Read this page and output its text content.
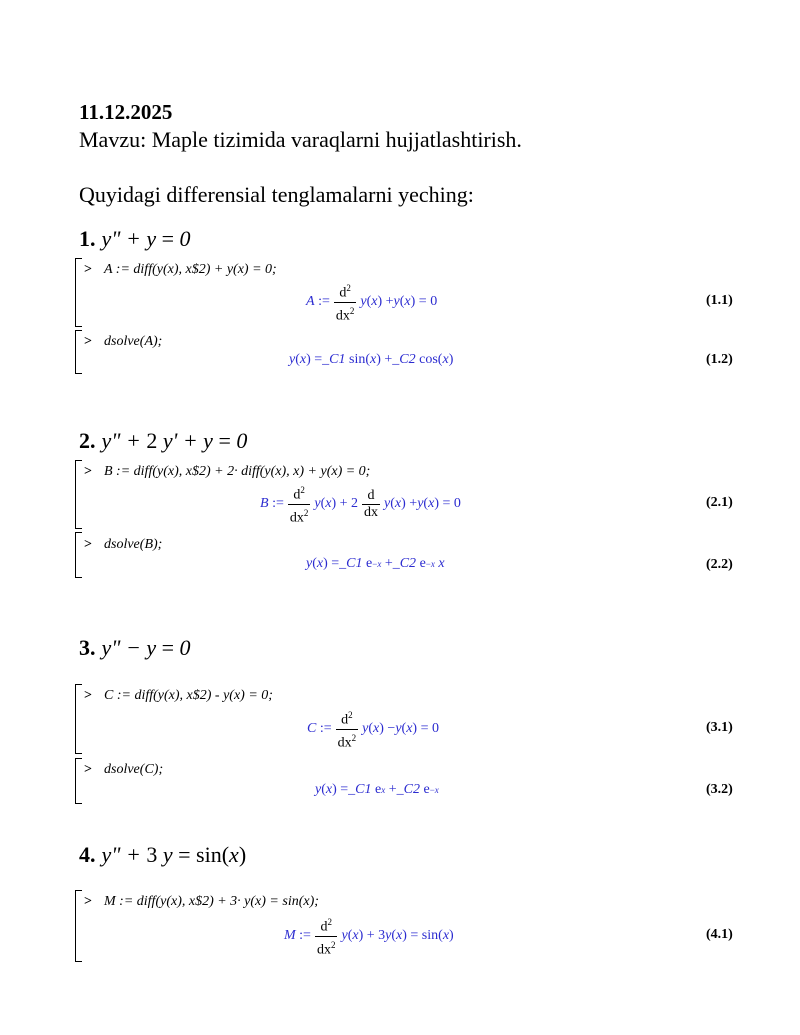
11.12.2025
Mavzu: Maple tizimida varaqlarni hujjatlashtirish.
Quyidagi differensial tenglamalarni yeching:
1. y" + y = 0
> A := diff(y(x), x$2) + y(x) = 0;
A := $\frac{d^2}{dx^2}$ y ( x ) + y ( x ) = 0	(1.1)
> dsolve(A);
y ( x ) = _C1 sin( x ) + _C2 cos( x )	(1.2)
2. y" + 2 y' + y = 0
> B := diff(y(x), x$2) + 2· diff(y(x), x) + y(x) = 0;
B := $\frac{d^2}{dx^2}$ y ( x ) + $2 \frac{d}{dx}$ y ( x ) + y ( x ) = 0	(2.1)
> dsolve(B);
y ( x ) = _C1 e −x + _C2 e −x
x	(2.2)
3. y" − y = 0
> C := diff(y(x), x$2) - y(x) = 0;
C := $\frac{d^2}{dx^2}$ y ( x ) − y ( x ) = 0	(3.1)
> dsolve(C);
y ( x ) = _C1 e x + _C2 e −x	(3.2)
4. y" + 3 y = sin(x)
> M := diff(y(x), x$2) + 3· y(x) = sin(x);
M := $\frac{d^2}{dx^2}$ y ( x ) + 3 y ( x ) = sin( x )	(4.1)
